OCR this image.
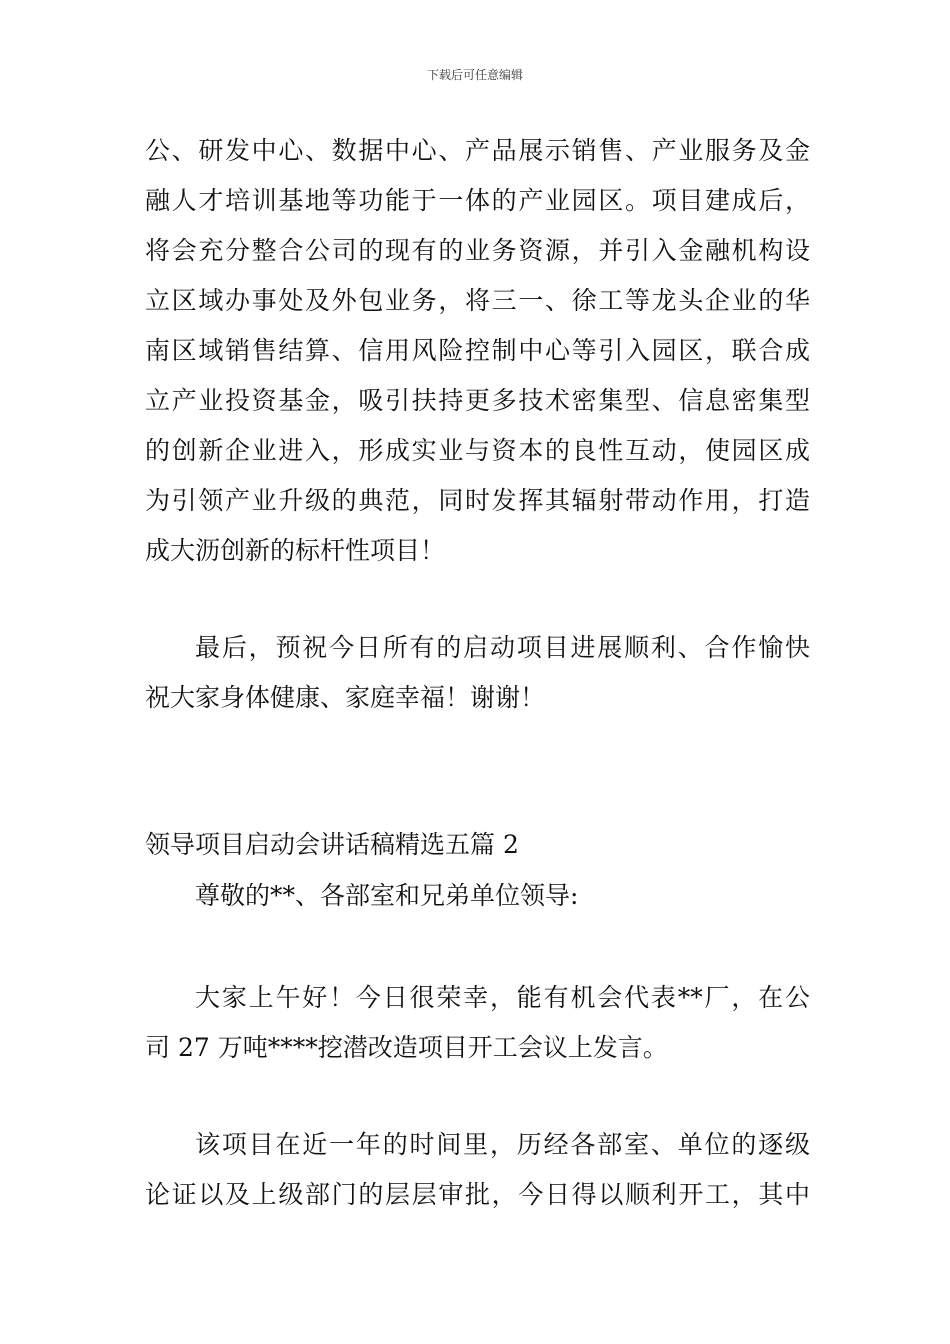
下载后可任意编辑
公、研发中心、数据中心、产品展示销售、产业服务及金
融人才培训基地等功能于一体的产业园区。项目建成后，
将会充分整合公司的现有的业务资源，并引入金融机构设
立区域办事处及外包业务，将三一、徐工等龙头企业的华
南区域销售结算、信用风险控制中心等引入园区，联合成
立产业投资基金，吸引扶持更多技术密集型、信息密集型
的创新企业进入，形成实业与资本的良性互动，使园区成
为引领产业升级的典范，同时发挥其辐射带动作用，打造
成大沥创新的标杆性项目！
最后，预祝今日所有的启动项目进展顺利、合作愉快
祝大家身体健康、家庭幸福！谢谢！
领导项目启动会讲话稿精选五篇 2
尊敬的**、各部室和兄弟单位领导:
大家上午好！今日很荣幸，能有机会代表**厂，在公
司 27 万吨****挖潜改造项目开工会议上发言。
该项目在近一年的时间里，历经各部室、单位的逐级
论证以及上级部门的层层审批，今日得以顺利开工，其中
